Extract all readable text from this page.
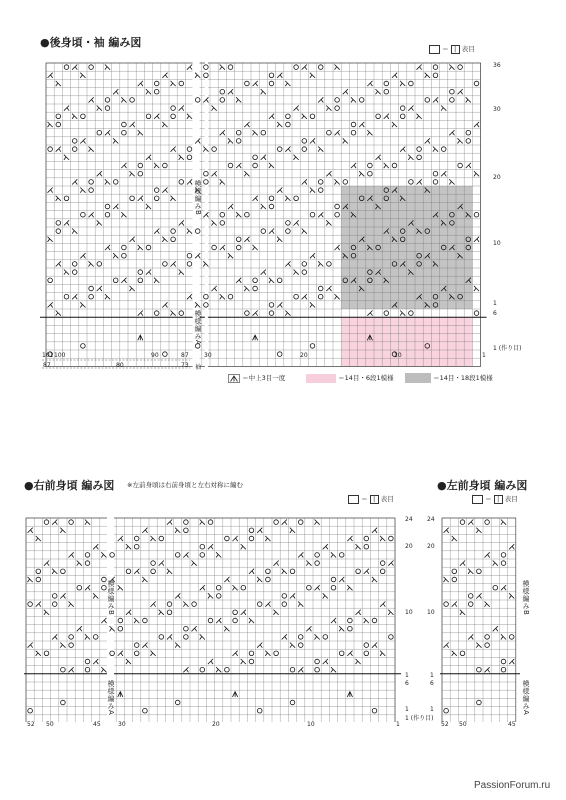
●後身頃・袖 編み図	＝ | 表目
36
30
20
10
1
6
1 (作り目)
模様編みB
模様編みA
101 100	90	87	30	20	10	1
87	80	73 袖
＝中上3目一度	＝14目・6段1模様	＝14目・18段1模様
●右前身頃 編み図 ※左前身頃は右前身頃と左右対称に編む
＝ | 表目
24
20
10
1
6
1
1 (作り目)
模様編みB
模様編みA
52 50	45	30	20	10	1
●左前身頃 編み図
＝ | 表目
24
20
10
1
6
1
模様編みB
模様編みA
52 50	45
PassionForum.ru
